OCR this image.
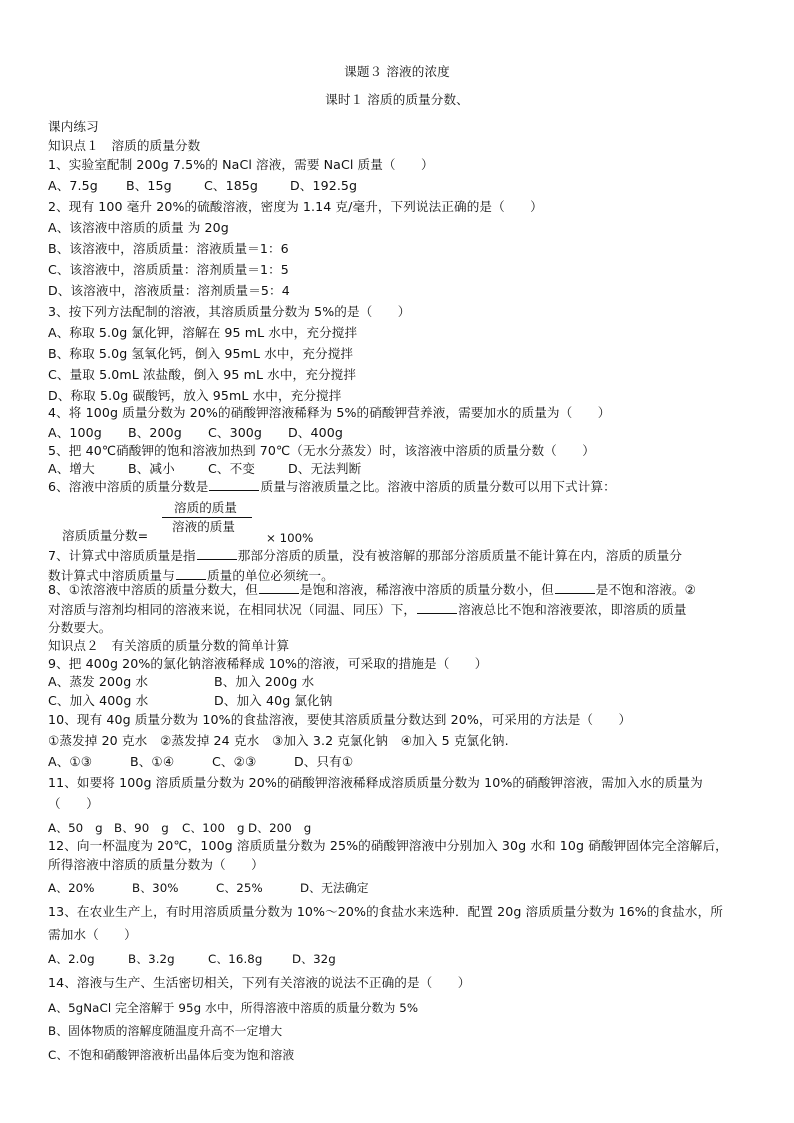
课题３ 溶液的浓度
课时１ 溶质的质量分数、
课内练习
知识点１　溶质的质量分数
1、实验室配制 200g 7.5%的 NaCl 溶液，需要 NaCl 质量（　　）
A、7.5g B、15g	C、185g	D、192.5g
2、现有 100 毫升 20%的硫酸溶液，密度为 1.14 克/毫升，下列说法正确的是（　　）
A、该溶液中溶质的质量 为 20g
B、该溶液中，溶质质量：溶液质量＝1：6
C、该溶液中，溶质质量：溶剂质量＝1：5
D、该溶液中，溶液质量：溶剂质量＝5：4
3、按下列方法配制的溶液，其溶质质量分数为 5%的是（　　）
A、称取 5.0g 氯化钾，溶解在 95 mL 水中，充分搅拌
B、称取 5.0g 氢氧化钙，倒入 95mL 水中，充分搅拌
C、量取 5.0mL 浓盐酸，倒入 95 mL 水中，充分搅拌
D、称取 5.0g 碳酸钙，放入 95mL 水中，充分搅拌
4、将 100g 质量分数为 20%的硝酸钾溶液稀释为 5%的硝酸钾营养液，需要加水的质量为（　　）
A、100g B、200g C、300g D、400g
5、把 40℃硝酸钾的饱和溶液加热到 70℃（无水分蒸发）时，该溶液中溶质的质量分数（　　）
A、增大	B、减小	C、不变	D、无法判断
6、溶液中溶质的质量分数是	质量与溶液质量之比。溶液中溶质的质量分数可以用下式计算：
溶质的质量
溶液的质量
溶质质量分数=	× 100%
7、计算式中溶质质量是指	那部分溶质的质量，没有被溶解的那部分溶质质量不能计算在内，溶质的质量分
数计算式中溶质质量与	质量的单位必须统一。
8、①浓溶液中溶质的质量分数大，但	是饱和溶液，稀溶液中溶质的质量分数小，但	是不饱和溶液。②
对溶质与溶剂均相同的溶液来说，在相同状况（同温、同压）下，	溶液总比不饱和溶液要浓，即溶质的质量
分数要大。
知识点２　有关溶质的质量分数的简单计算
9、把 400g 20%的氯化钠溶液稀释成 10%的溶液，可采取的措施是（　　）
A、蒸发 200g 水	B、加入 200g 水
C、加入 400g 水	D、加入 40g 氯化钠
10、现有 40g 质量分数为 10%的食盐溶液，要使其溶质质量分数达到 20%，可采用的方法是（　　）
①蒸发掉 20 克水　②蒸发掉 24 克水　③加入 3.2 克氯化钠　④加入 5 克氯化钠.
A、①③	B、①④	C、②③	D、只有①
11、如要将 100g 溶质质量分数为 20%的硝酸钾溶液稀释成溶质质量分数为 10%的硝酸钾溶液，需加入水的质量为
（　　）
A、50　g B、90　g C、100　g D、200　g
12、向一杯温度为 20℃，100g 溶质质量分数为 25%的硝酸钾溶液中分别加入 30g 水和 10g 硝酸钾固体完全溶解后，
所得溶液中溶质的质量分数为（　　）
A、20%	B、30%	C、25%	D、无法确定
13、在农业生产上，有时用溶质质量分数为 10%～20%的食盐水来选种．配置 20g 溶质质量分数为 16%的食盐水，所
需加水（　　）
A、2.0g	B、3.2g	C、16.8g	D、32g
14、溶液与生产、生活密切相关，下列有关溶液的说法不正确的是（　　）
A、5gNaCl 完全溶解于 95g 水中，所得溶液中溶质的质量分数为 5%
B、固体物质的溶解度随温度升高不一定增大
C、不饱和硝酸钾溶液析出晶体后变为饱和溶液
